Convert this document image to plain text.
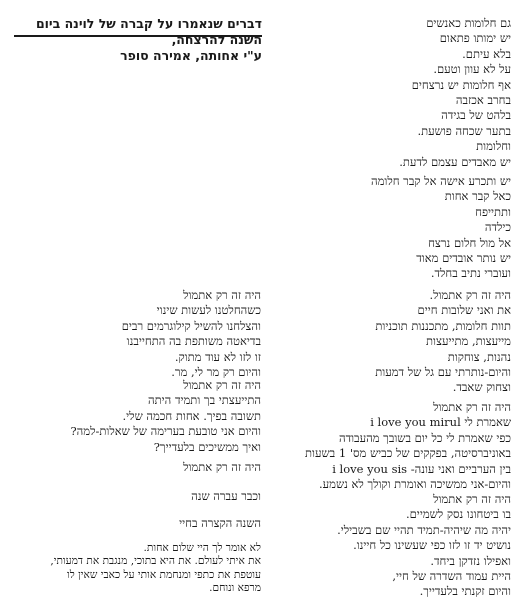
דברים שנאמרו על קברה של לוינה ביום השנה להרצחה,
ע"י אחותה, אמירה סופר
גם חלומות כאנשים
יש ימותו פתאום
בלא עיתם.
על לא עוון וטעם.
אף חלומות יש נרצחים
בחרב אכזבה
בלהט של בגידה
בתער שכחה פושעת.
וחלומות
יש מאבדים עצמם לדעת.
יש ותכרע אישה אל קבר חלומה
כאל קבר אחות
ותתייפח
כילדה
אל מול חלום נרצח
יש נותר אובדים מאוד
ועוברי נתיב בחלד.
היה זה רק אתמול.
את ואני שלובות חיים
תוות חלומות, מתכננות תוכניות
מייעצות, מתייעצות
נהנות, צוחקות
והיום-נותרתי עם גל של דמעות
וצחוק שאבד.
היה זה רק אתמול
שאמרת לי i love you mirul
כפי שאמרת לי כל יום בשובך מהעבודה
באוניברסיטה, בפקקים של כביש מס' 1 בשעות
בין הערביים ואני עונה- i love you sis
והיום-אני ממשיכה ואומרת וקולך לא נשמע.
היה זה רק אתמול
בו ביטחונו נסק לשמיים.
יהיה מה שיהיה-תמיד תהיי שם בשבילי.
נושיט יד זו לזו כפי שעשינו כל חיינו.
ואפילו נזדקן ביחד.
היית עמוד השדרה של חיי,
והיום זקנתי בלעדייך.
היה זה רק אתמול
כשהחלטנו לעשות שינוי
והצלחנו להשיל קילוגרמים רבים
בדיאטה משותפת בה התחייבנו
זו לזו לא עוד מתוק.
והיום רק מר לי, מר.
היה זה רק אתמול
התייעצתי בך ותמיד היתה
תשובה בפיך. אחות חכמה שלי.
והיום אני טובעת בערימה של שאלות-למה?
ואיך ממשיכים בלעדייך?
היה זה רק אתמול
וכבר עברה שנה
השנה הקצרה בחיי
לא אומר לך היי שלום אחות.
את איתי לעולם. את היא בתוכי, מנגבת את דמעותי,
עוטפת את כתפי ומנחמת אותי על כאבי שאין לו
מרפא ונוחם.
